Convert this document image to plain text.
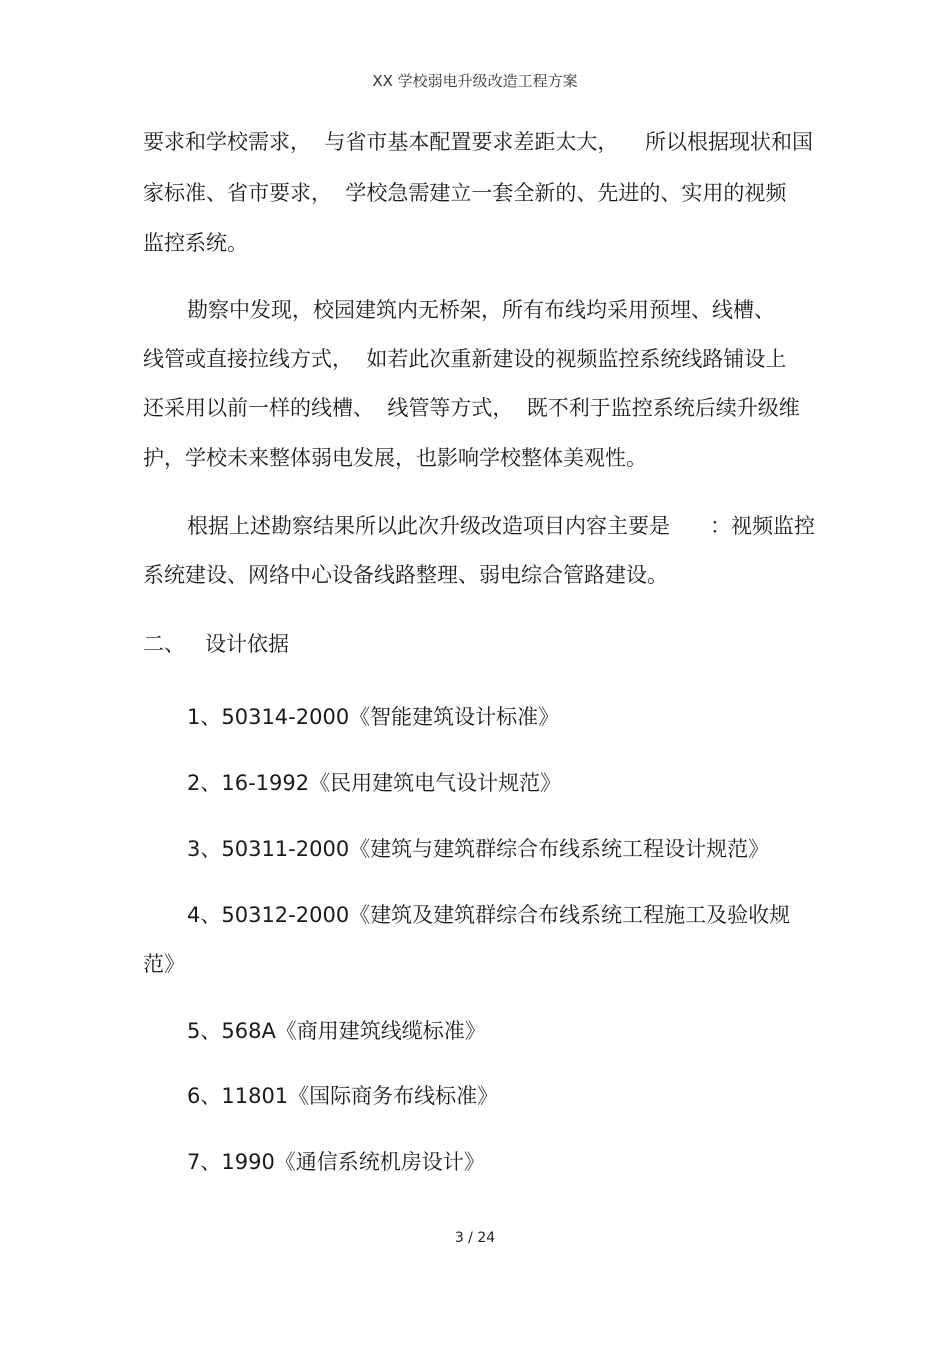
XX 学校弱电升级改造工程方案
要求和学校需求，  与省市基本配置要求差距太大，    所以根据现状和国
家标准、省市要求，  学校急需建立一套全新的、先进的、实用的视频
监控系统。
勘察中发现，校园建筑内无桥架，所有布线均采用预埋、线槽、
线管或直接拉线方式，  如若此次重新建设的视频监控系统线路铺设上
还采用以前一样的线槽、  线管等方式，  既不利于监控系统后续升级维
护，学校未来整体弱电发展，也影响学校整体美观性。
根据上述勘察结果所以此次升级改造项目内容主要是      ：视频监控
系统建设、网络中心设备线路整理、弱电综合管路建设。
二、   设计依据
1、50314-2000《智能建筑设计标准》
2、16-1992《民用建筑电气设计规范》
3、50311-2000《建筑与建筑群综合布线系统工程设计规范》
4、50312-2000《建筑及建筑群综合布线系统工程施工及验收规
范》
5、568A《商用建筑线缆标准》
6、11801《国际商务布线标准》
7、1990《通信系统机房设计》
3 / 24
